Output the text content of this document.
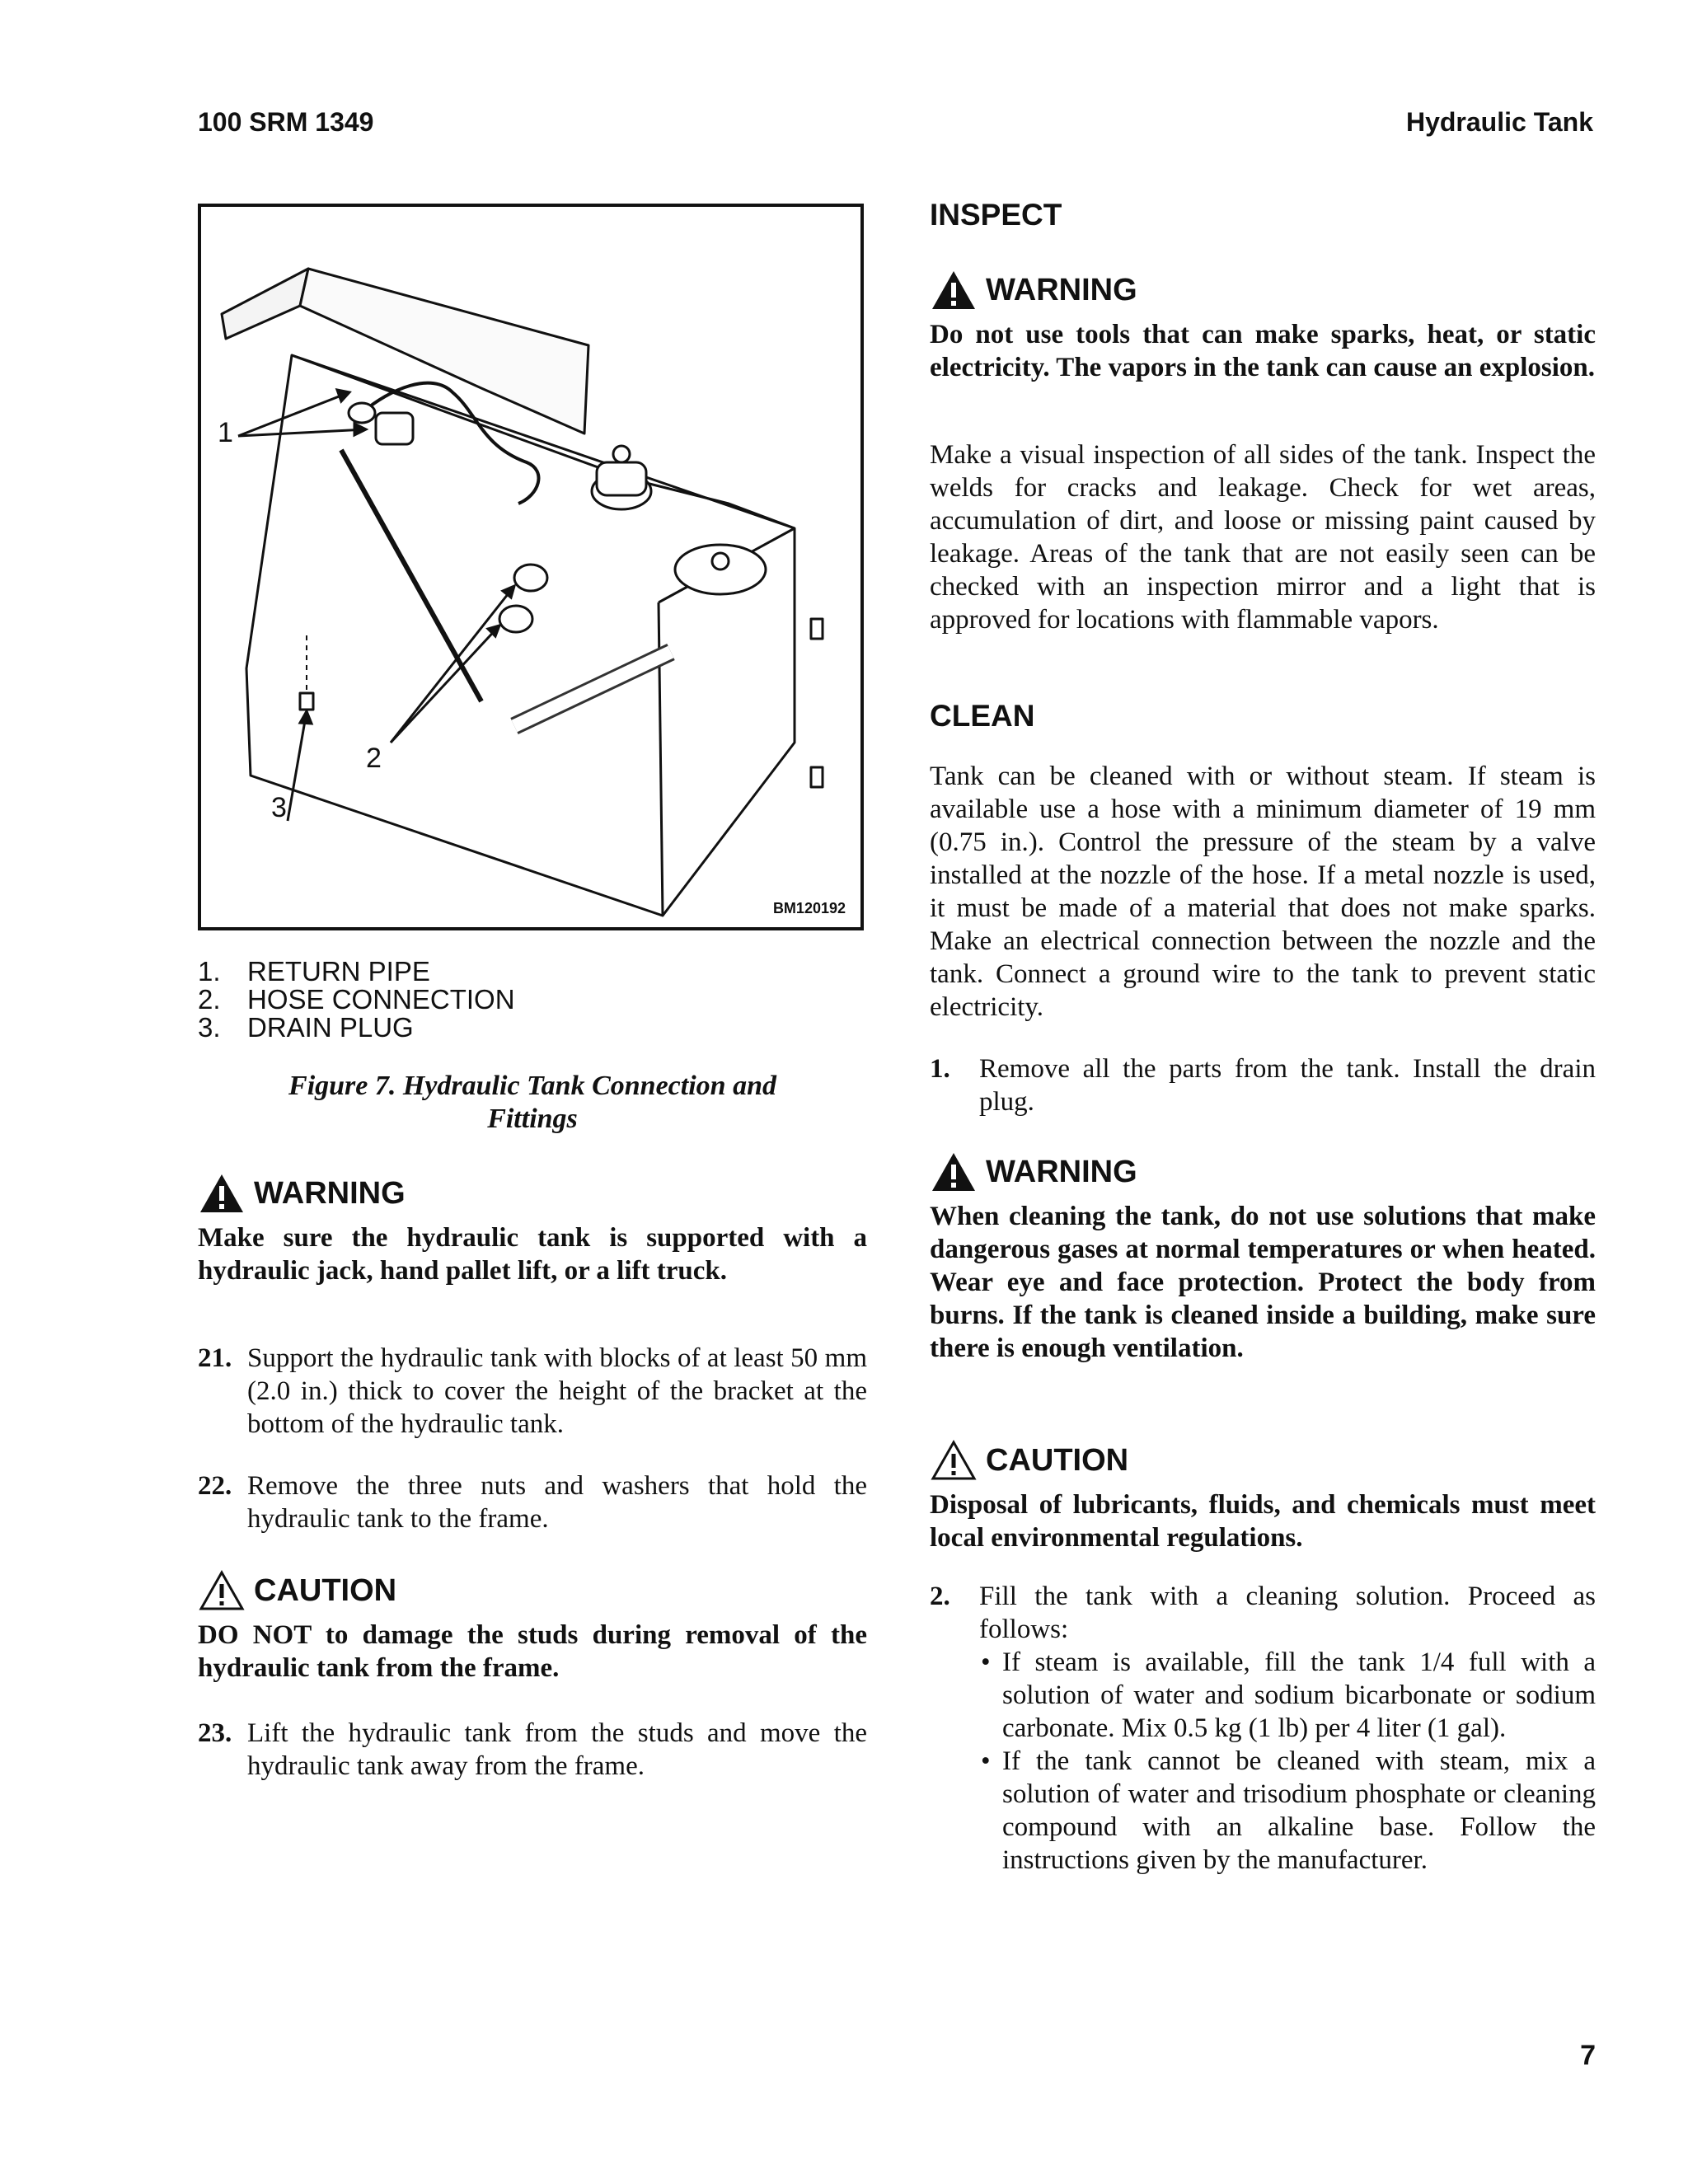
100 SRM 1349	Hydraulic Tank
1
2
3
BM120192
1. RETURN PIPE
2. HOSE CONNECTION
3. DRAIN PLUG
Figure 7. Hydraulic Tank Connection and
Fittings
WARNING
Make sure the hydraulic tank is supported with a hydraulic jack, hand pallet lift, or a lift truck.
21. Support the hydraulic tank with blocks of at least 50 mm (2.0 in.) thick to cover the height of the bracket at the bottom of the hydraulic tank.
22. Remove the three nuts and washers that hold the hydraulic tank to the frame.
CAUTION
DO NOT to damage the studs during removal of the hydraulic tank from the frame.
23. Lift the hydraulic tank from the studs and move the hydraulic tank away from the frame.
INSPECT
WARNING
Do not use tools that can make sparks, heat, or static electricity. The vapors in the tank can cause an explosion.
Make a visual inspection of all sides of the tank. Inspect the welds for cracks and leakage. Check for wet areas, accumulation of dirt, and loose or missing paint caused by leakage. Areas of the tank that are not easily seen can be checked with an inspection mirror and a light that is approved for locations with flammable vapors.
CLEAN
Tank can be cleaned with or without steam. If steam is available use a hose with a minimum diameter of 19 mm (0.75 in.). Control the pressure of the steam by a valve installed at the nozzle of the hose. If a metal nozzle is used, it must be made of a material that does not make sparks. Make an electrical connection between the nozzle and the tank. Connect a ground wire to the tank to prevent static electricity.
1. Remove all the parts from the tank. Install the drain plug.
WARNING
When cleaning the tank, do not use solutions that make dangerous gases at normal temperatures or when heated. Wear eye and face protection. Protect the body from burns. If the tank is cleaned inside a building, make sure there is enough ventilation.
CAUTION
Disposal of lubricants, fluids, and chemicals must meet local environmental regulations.
2. Fill the tank with a cleaning solution. Proceed as follows:
• If steam is available, fill the tank 1/4 full with a solution of water and sodium bicarbonate or sodium carbonate. Mix 0.5 kg (1 lb) per 4 liter (1 gal).
• If the tank cannot be cleaned with steam, mix a solution of water and trisodium phosphate or cleaning compound with an alkaline base. Follow the instructions given by the manufacturer.
7
